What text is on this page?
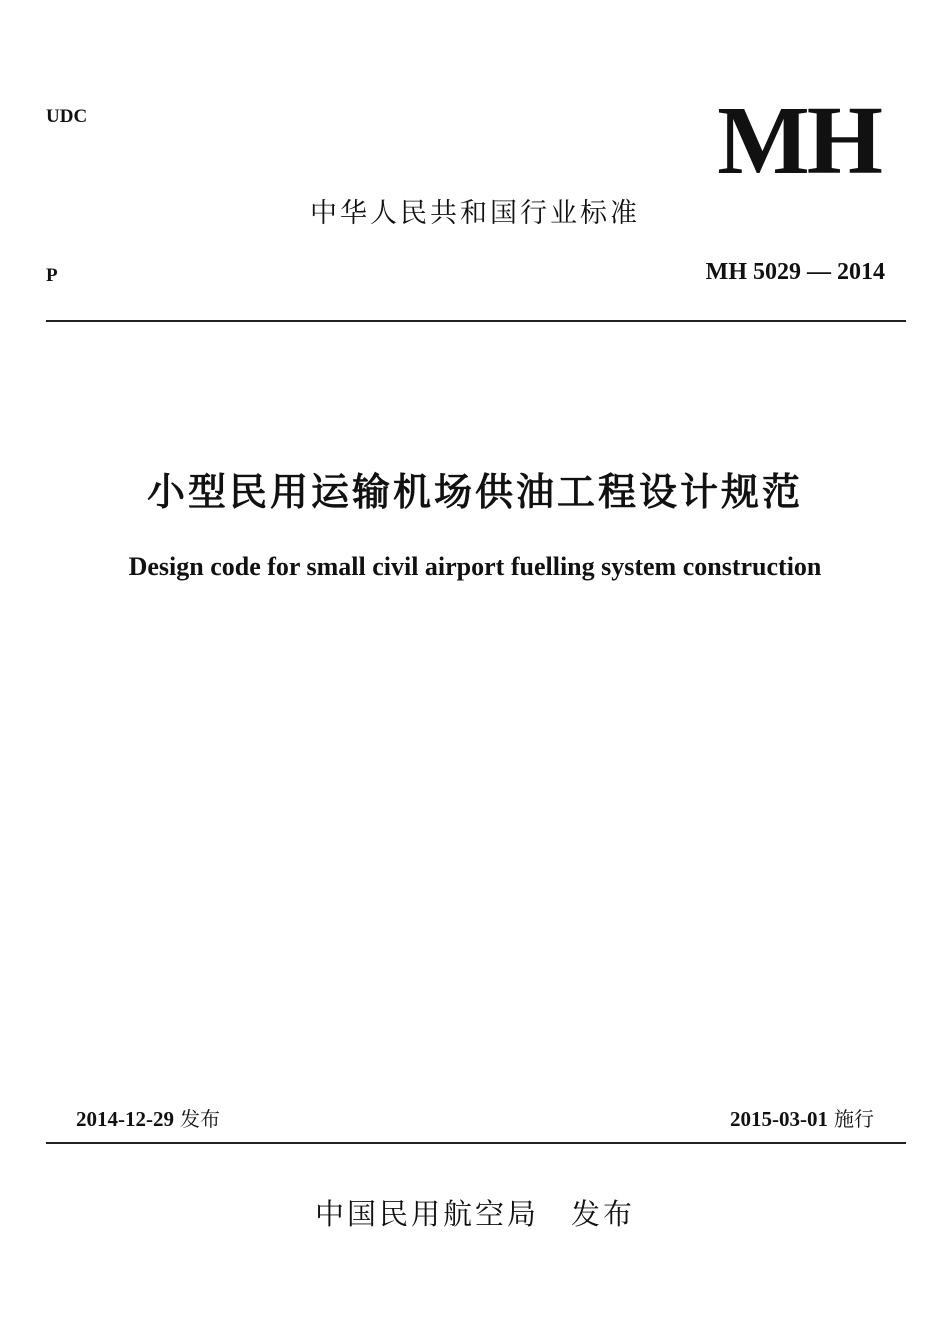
UDC	MH
中华人民共和国行业标准
P	MH 5029 — 2014
小型民用运输机场供油工程设计规范
Design code for small civil airport fuelling system construction
2014-12-29 发布	2015-03-01 施行
中国民用航空局 发布
